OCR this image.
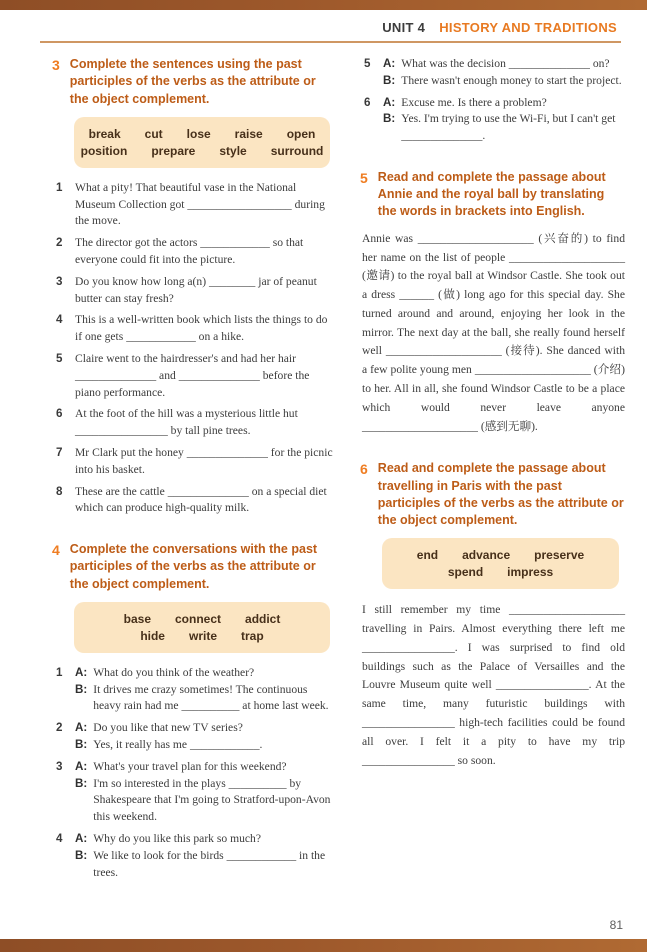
UNIT 4 HISTORY AND TRADITIONS
3 Complete the sentences using the past participles of the verbs as the attribute or the object complement.
break cut lose raise open
position prepare style surround
1	What a pity! That beautiful vase in the National Museum Collection got __________________ during the move.
2	The director got the actors ____________ so that everyone could fit into the picture.
3	Do you know how long a(n) ________ jar of peanut butter can stay fresh?
4	This is a well-written book which lists the things to do if one gets ____________ on a hike.
5	Claire went to the hairdresser's and had her hair ______________ and ______________ before the piano performance.
6	At the foot of the hill was a mysterious little hut ________________ by tall pine trees.
7	Mr Clark put the honey ______________ for the picnic into his basket.
8	These are the cattle ______________ on a special diet which can produce high-quality milk.
4 Complete the conversations with the past participles of the verbs as the attribute or the object complement.
base connect addict
hide write trap
1	A: What do you think of the weather?
B: It drives me crazy sometimes! The continuous heavy rain had me __________ at home last week.
2	A: Do you like that new TV series?
B: Yes, it really has me ____________.
3	A: What's your travel plan for this weekend?
B: I'm so interested in the plays __________ by Shakespeare that I'm going to Stratford-upon-Avon this weekend.
4	A: Why do you like this park so much?
B: We like to look for the birds ____________ in the trees.
5	A: What was the decision ______________ on?
B: There wasn't enough money to start the project.
6	A: Excuse me. Is there a problem?
B: Yes. I'm trying to use the Wi-Fi, but I can't get ______________.
5 Read and complete the passage about Annie and the royal ball by translating the words in brackets into English.
Annie was ____________________ (兴奋的) to find her name on the list of people ____________________ (邀请) to the royal ball at Windsor Castle. She took out a dress ______ (做) long ago for this special day. She turned around and around, enjoying her look in the mirror. The next day at the ball, she really found herself well ____________________ (接待). She danced with a few polite young men ____________________ (介绍) to her. All in all, she found Windsor Castle to be a place which would never leave anyone ____________________ (感到无聊).
6 Read and complete the passage about travelling in Paris with the past participles of the verbs as the attribute or the object complement.
end advance preserve
spend impress
I still remember my time ____________________ travelling in Pairs. Almost everything there left me ________________. I was surprised to find old buildings such as the Palace of Versailles and the Louvre Museum quite well ________________. At the same time, many futuristic buildings with ________________ high-tech facilities could be found all over. I felt it a pity to have my trip ________________ so soon.
81
